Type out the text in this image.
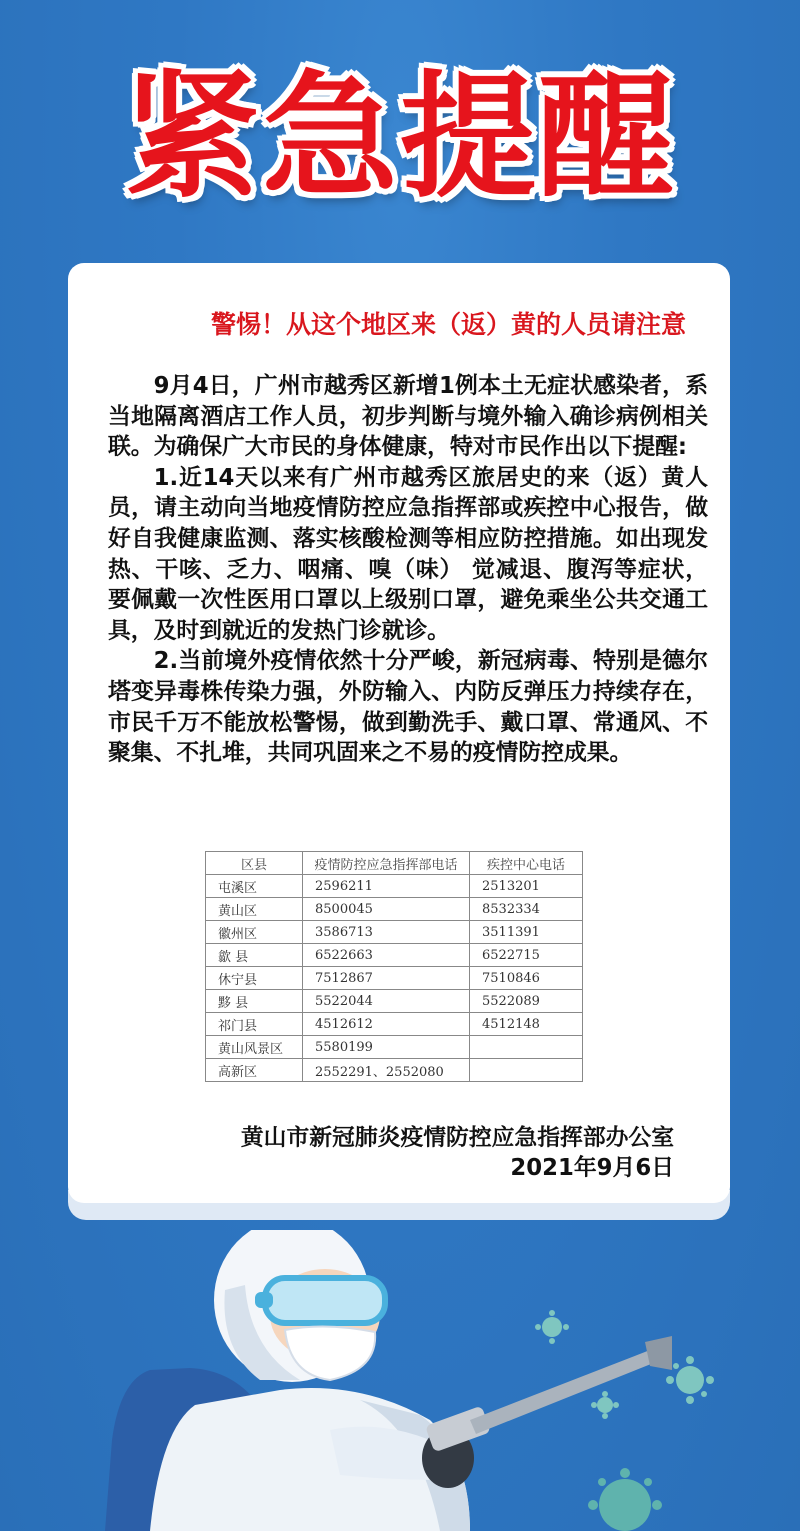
紧急提醒
警惕！从这个地区来（返）黄的人员请注意

9月4日，广州市越秀区新增1例本土无症状感染者，系当地隔离酒店工作人员，初步判断与境外输入确诊病例相关联。为确保广大市民的身体健康，特对市民作出以下提醒:

1.近14天以来有广州市越秀区旅居史的来（返）黄人员，请主动向当地疫情防控应急指挥部或疾控中心报告，做好自我健康监测、落实核酸检测等相应防控措施。如出现发热、干咳、乏力、咽痛、嗅（味） 觉减退、腹泻等症状，要佩戴一次性医用口罩以上级别口罩，避免乘坐公共交通工具，及时到就近的发热门诊就诊。

2.当前境外疫情依然十分严峻，新冠病毒、特别是德尔塔变异毒株传染力强，外防输入、内防反弹压力持续存在，市民千万不能放松警惕，做到勤洗手、戴口罩、常通风、不聚集、不扎堆，共同巩固来之不易的疫情防控成果。

区县	疫情防控应急指挥部电话	疾控中心电话
屯溪区	2596211	2513201
黄山区	8500045	8532334
徽州区	3586713	3511391
歙 县	6522663	6522715
休宁县	7512867	7510846
黟 县	5522044	5522089
祁门县	4512612	4512148
黄山风景区	5580199	
高新区	2552291、2552080	
黄山市新冠肺炎疫情防控应急指挥部办公室
2021年9月6日
